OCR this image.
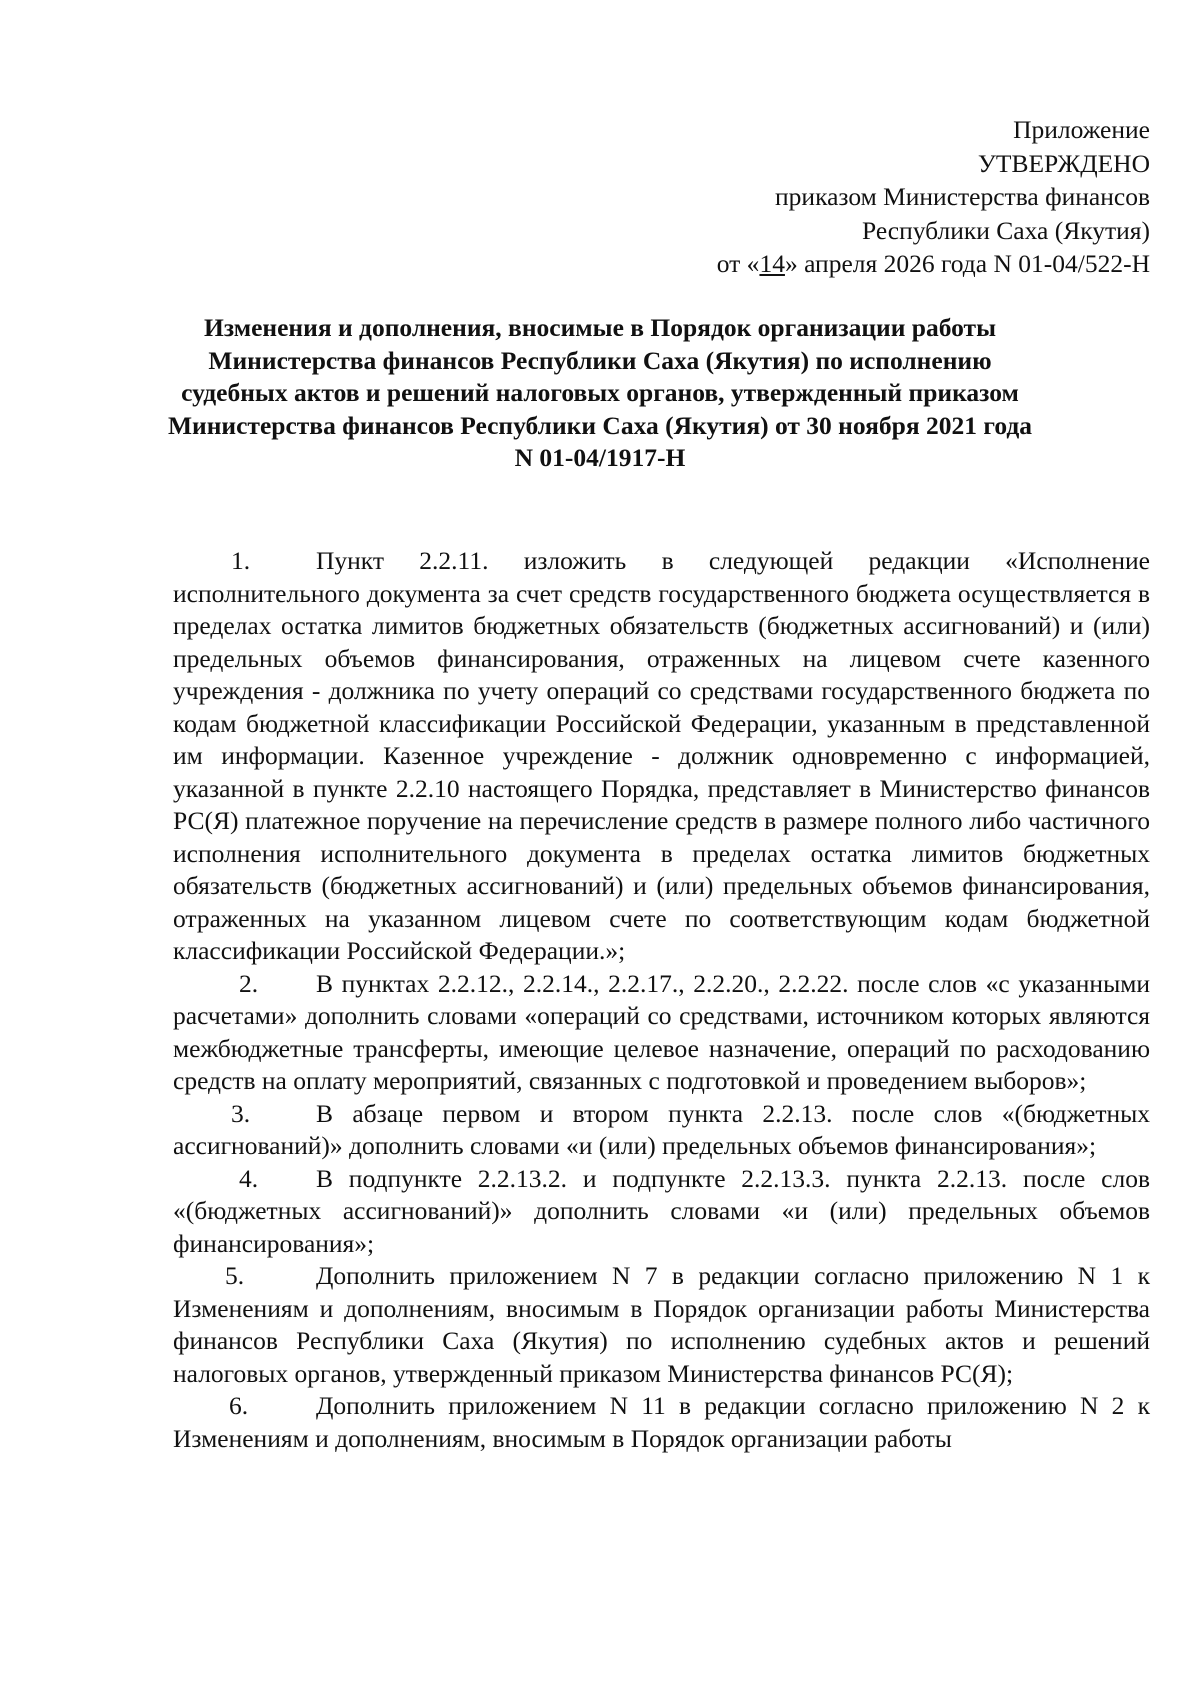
Приложение
УТВЕРЖДЕНО
приказом Министерства финансов
Республики Саха (Якутия)
от «14» апреля 2026 года N 01-04/522-Н
Изменения и дополнения, вносимые в Порядок организации работы
Министерства финансов Республики Саха (Якутия) по исполнению
судебных актов и решений налоговых органов, утвержденный приказом
Министерства финансов Республики Саха (Якутия) от 30 ноября 2021 года
N 01-04/1917-Н

1.	Пункт 2.2.11. изложить в следующей редакции «Исполнение исполнительного документа за счет средств государственного бюджета осуществляется в пределах остатка лимитов бюджетных обязательств (бюджетных ассигнований) и (или) предельных объемов финансирования, отраженных на лицевом счете казенного учреждения - должника по учету операций со средствами государственного бюджета по кодам бюджетной классификации Российской Федерации, указанным в представленной им информации. Казенное учреждение - должник одновременно с информацией, указанной в пункте 2.2.10 настоящего Порядка, представляет в Министерство финансов РС(Я) платежное поручение на перечисление средств в размере полного либо частичного исполнения исполнительного документа в пределах остатка лимитов бюджетных обязательств (бюджетных ассигнований) и (или) предельных объемов финансирования, отраженных на указанном лицевом счете по соответствующим кодам бюджетной классификации Российской Федерации.»;

2.	В пунктах 2.2.12., 2.2.14., 2.2.17., 2.2.20., 2.2.22. после слов «с указанными расчетами» дополнить словами «операций со средствами, источником которых являются межбюджетные трансферты, имеющие целевое назначение, операций по расходованию средств на оплату мероприятий, связанных с подготовкой и проведением выборов»;

3.	В абзаце первом и втором пункта 2.2.13. после слов «(бюджетных ассигнований)» дополнить словами «и (или) предельных объемов финансирования»;

4.	В подпункте 2.2.13.2. и подпункте 2.2.13.3. пункта 2.2.13. после слов «(бюджетных ассигнований)» дополнить словами «и (или) предельных объемов финансирования»;

5.	Дополнить приложением N 7 в редакции согласно приложению N 1 к Изменениям и дополнениям, вносимым в Порядок организации работы Министерства финансов Республики Саха (Якутия) по исполнению судебных актов и решений налоговых органов, утвержденный приказом Министерства финансов РС(Я);

6.	Дополнить приложением N 11 в редакции согласно приложению N 2 к Изменениям и дополнениям, вносимым в Порядок организации работы
